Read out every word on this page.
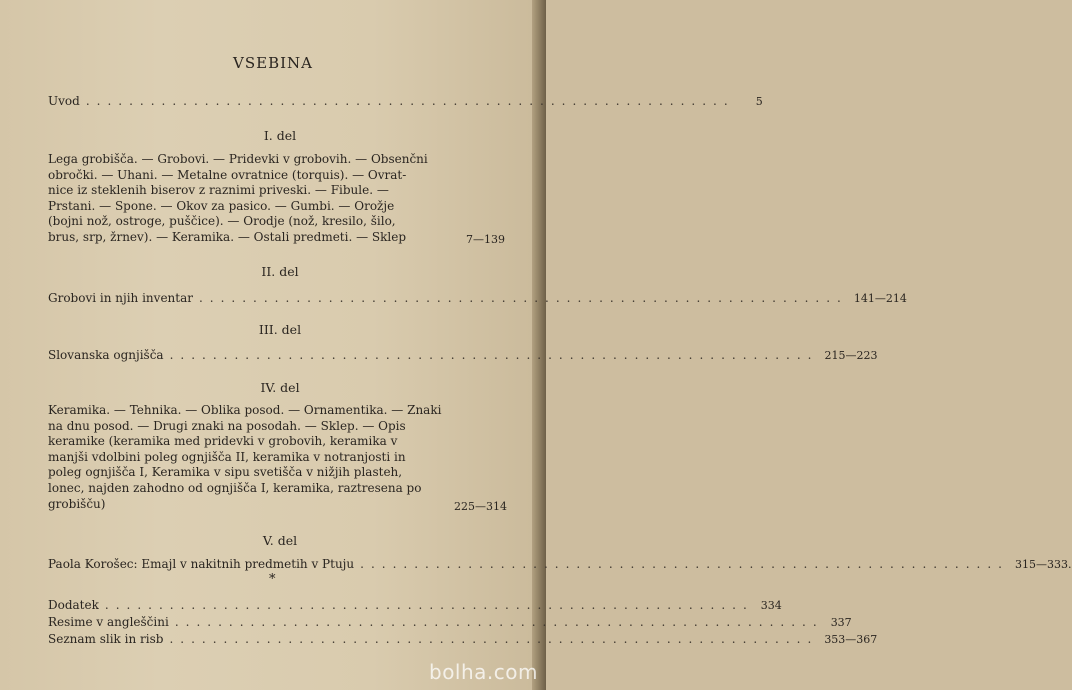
VSEBINA
Uvod ............................................................	5
I. del
Lega grobišča. — Grobovi. — Pridevki v grobovih. — Obsenčni
obročki. — Uhani. — Metalne ovratnice (torquis). — Ovrat-
nice iz steklenih biserov z raznimi priveski. — Fibule. —
Prstani. — Spone. — Okov za pasico. — Gumbi. — Orožje
(bojni nož, ostroge, puščice). — Orodje (nož, kresilo, šilo,
brus, srp, žrnev). — Keramika. — Ostali predmeti. — Sklep	7—139
II. del
Grobovi in njih inventar ............................................................ 141—214
III. del
Slovanska ognjišča ............................................................ 215—223
IV. del
Keramika. — Tehnika. — Oblika posod. — Ornamentika. — Znaki
na dnu posod. — Drugi znaki na posodah. — Sklep. — Opis
keramike (keramika med pridevki v grobovih, keramika v
manjši vdolbini poleg ognjišča II, keramika v notranjosti in
poleg ognjišča I, Keramika v sipu svetišča v nižjih plasteh,
lonec, najden zahodno od ognjišča I, keramika, raztresena po
grobišču)	225—314
V. del
Paola Korošec: Emajl v nakitnih predmetih v Ptuju ............................................................ 315—333.
*
Dodatek ............................................................ 334
Resime v angleščini ............................................................ 337
Seznam slik in risb ............................................................ 353—367
bolha.com
